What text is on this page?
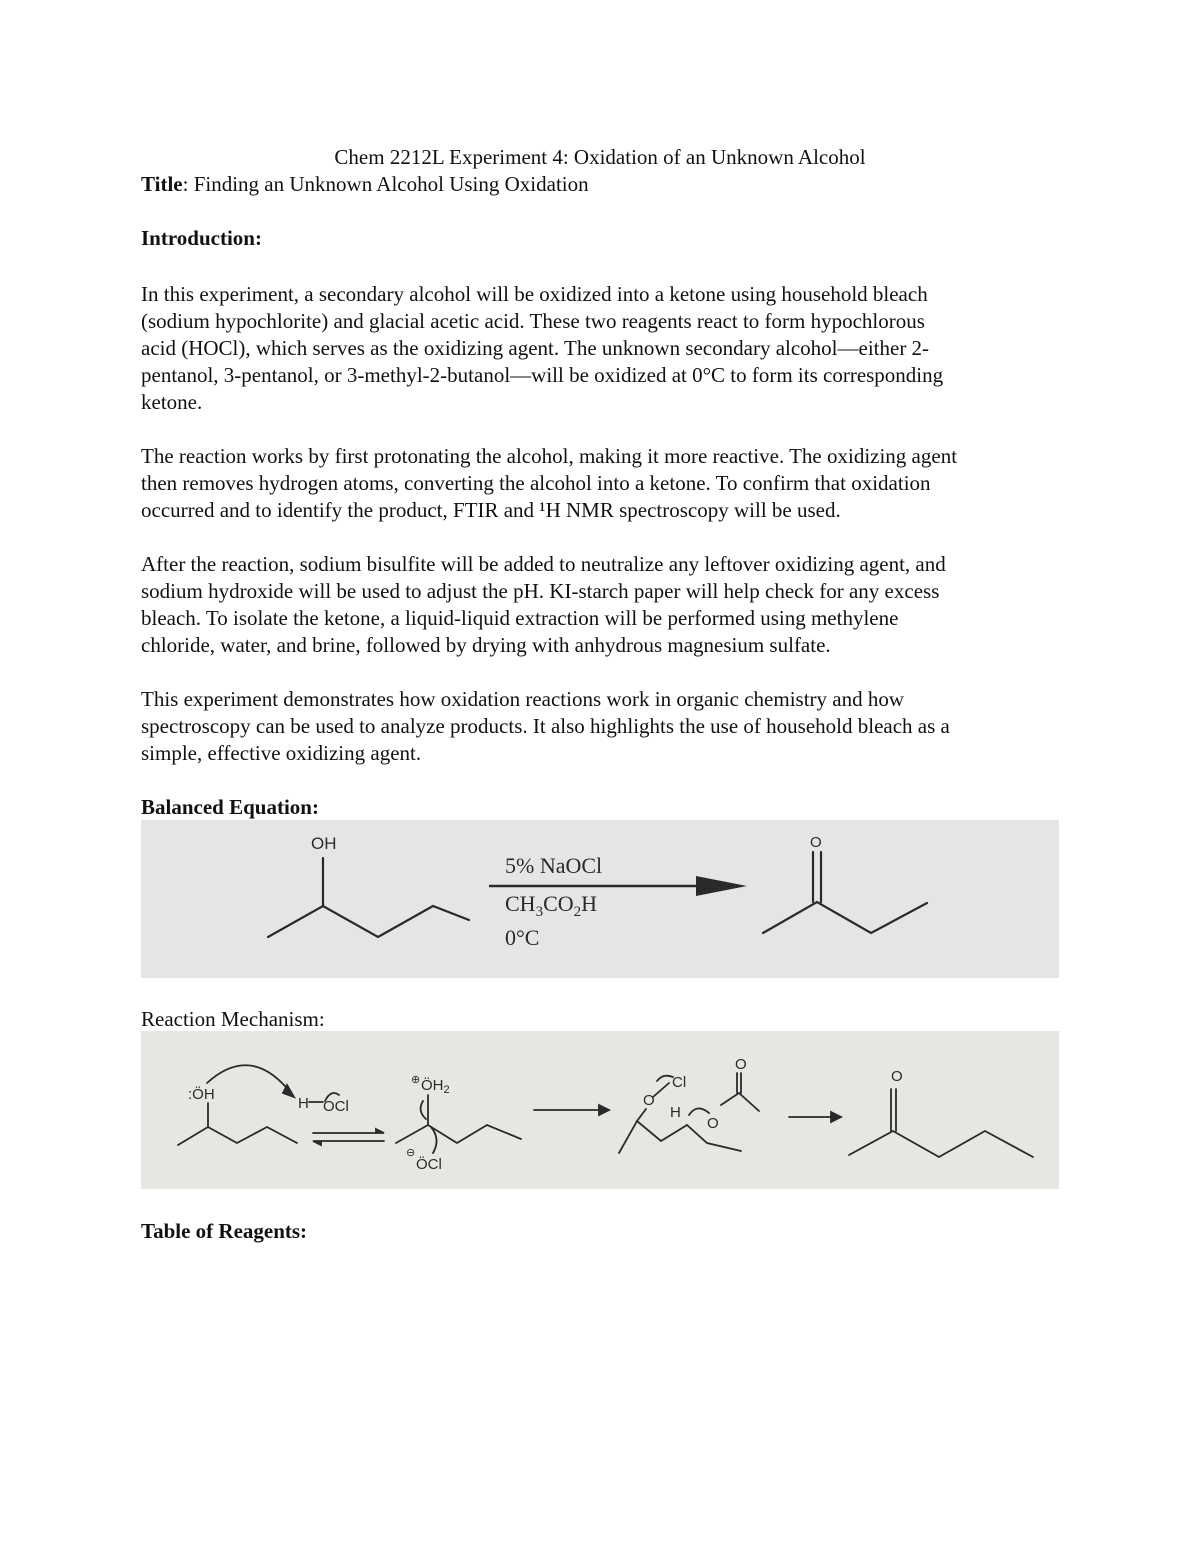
Chem 2212L Experiment 4: Oxidation of an Unknown Alcohol

Title: Finding an Unknown Alcohol Using Oxidation

Introduction:

In this experiment, a secondary alcohol will be oxidized into a ketone using household bleach
(sodium hypochlorite) and glacial acetic acid. These two reagents react to form hypochlorous
acid (HOCl), which serves as the oxidizing agent. The unknown secondary alcohol—either 2-
pentanol, 3-pentanol, or 3-methyl-2-butanol—will be oxidized at 0°C to form its corresponding
ketone.
The reaction works by first protonating the alcohol, making it more reactive. The oxidizing agent
then removes hydrogen atoms, converting the alcohol into a ketone. To confirm that oxidation
occurred and to identify the product, FTIR and ¹H NMR spectroscopy will be used.
After the reaction, sodium bisulfite will be added to neutralize any leftover oxidizing agent, and
sodium hydroxide will be used to adjust the pH. KI-starch paper will help check for any excess
bleach. To isolate the ketone, a liquid-liquid extraction will be performed using methylene
chloride, water, and brine, followed by drying with anhydrous magnesium sulfate.
This experiment demonstrates how oxidation reactions work in organic chemistry and how
spectroscopy can be used to analyze products. It also highlights the use of household bleach as a
simple, effective oxidizing agent.

Balanced Equation:

OH
5% NaOCl
$CH_3CO_2H$
0°C
O

Reaction Mechanism:

:ÖH
H OCl
⊕ $ÖH_2$
⊖
ÖCl
O
Cl
H
O
O
O

Table of Reagents:
